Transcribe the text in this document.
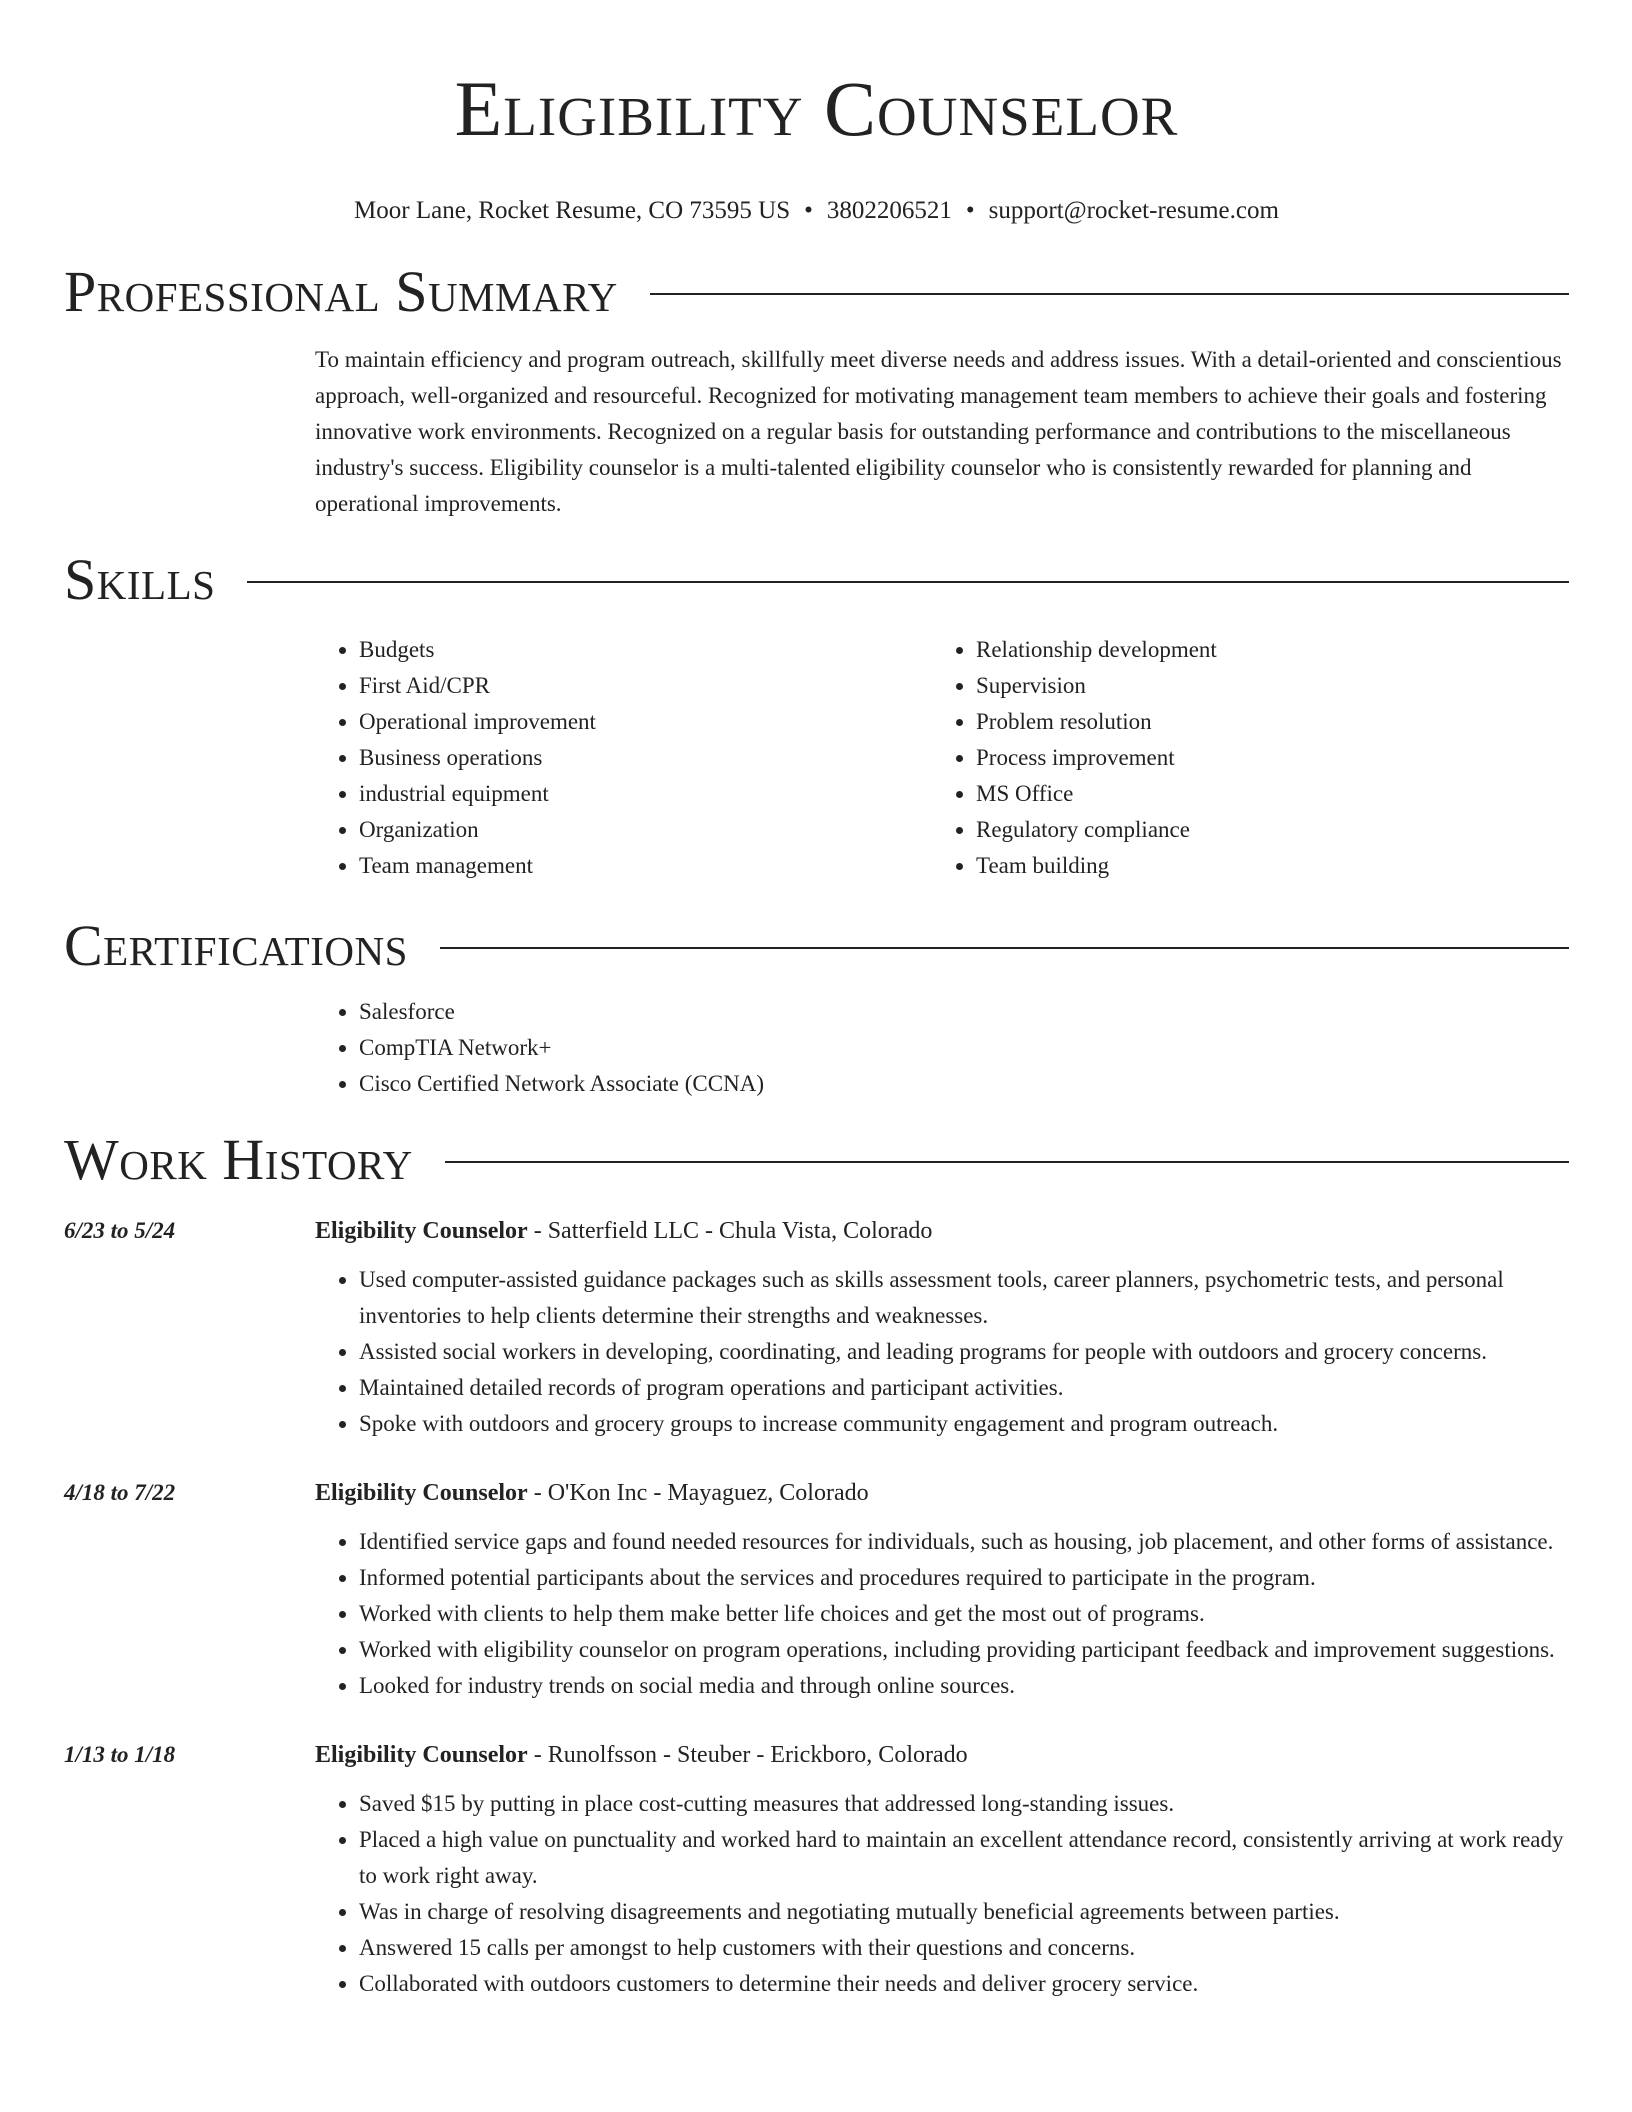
Eligibility Counselor
Moor Lane, Rocket Resume, CO 73595 US • 3802206521 • support@rocket-resume.com
Professional Summary
To maintain efficiency and program outreach, skillfully meet diverse needs and address issues. With a detail-oriented and conscientious approach, well-organized and resourceful. Recognized for motivating management team members to achieve their goals and fostering innovative work environments. Recognized on a regular basis for outstanding performance and contributions to the miscellaneous industry's success. Eligibility counselor is a multi-talented eligibility counselor who is consistently rewarded for planning and operational improvements.
Skills
• Budgets
• First Aid/CPR
• Operational improvement
• Business operations
• industrial equipment
• Organization
• Team management
• Relationship development
• Supervision
• Problem resolution
• Process improvement
• MS Office
• Regulatory compliance
• Team building
Certifications
• Salesforce
• CompTIA Network+
• Cisco Certified Network Associate (CCNA)
Work History
6/23 to 5/24	Eligibility Counselor - Satterfield LLC - Chula Vista, Colorado
• Used computer-assisted guidance packages such as skills assessment tools, career planners, psychometric tests, and personal inventories to help clients determine their strengths and weaknesses.
• Assisted social workers in developing, coordinating, and leading programs for people with outdoors and grocery concerns.
• Maintained detailed records of program operations and participant activities.
• Spoke with outdoors and grocery groups to increase community engagement and program outreach.
4/18 to 7/22	Eligibility Counselor - O'Kon Inc - Mayaguez, Colorado
• Identified service gaps and found needed resources for individuals, such as housing, job placement, and other forms of assistance.
• Informed potential participants about the services and procedures required to participate in the program.
• Worked with clients to help them make better life choices and get the most out of programs.
• Worked with eligibility counselor on program operations, including providing participant feedback and improvement suggestions.
• Looked for industry trends on social media and through online sources.
1/13 to 1/18	Eligibility Counselor - Runolfsson - Steuber - Erickboro, Colorado
• Saved $15 by putting in place cost-cutting measures that addressed long-standing issues.
• Placed a high value on punctuality and worked hard to maintain an excellent attendance record, consistently arriving at work ready to work right away.
• Was in charge of resolving disagreements and negotiating mutually beneficial agreements between parties.
• Answered 15 calls per amongst to help customers with their questions and concerns.
• Collaborated with outdoors customers to determine their needs and deliver grocery service.
